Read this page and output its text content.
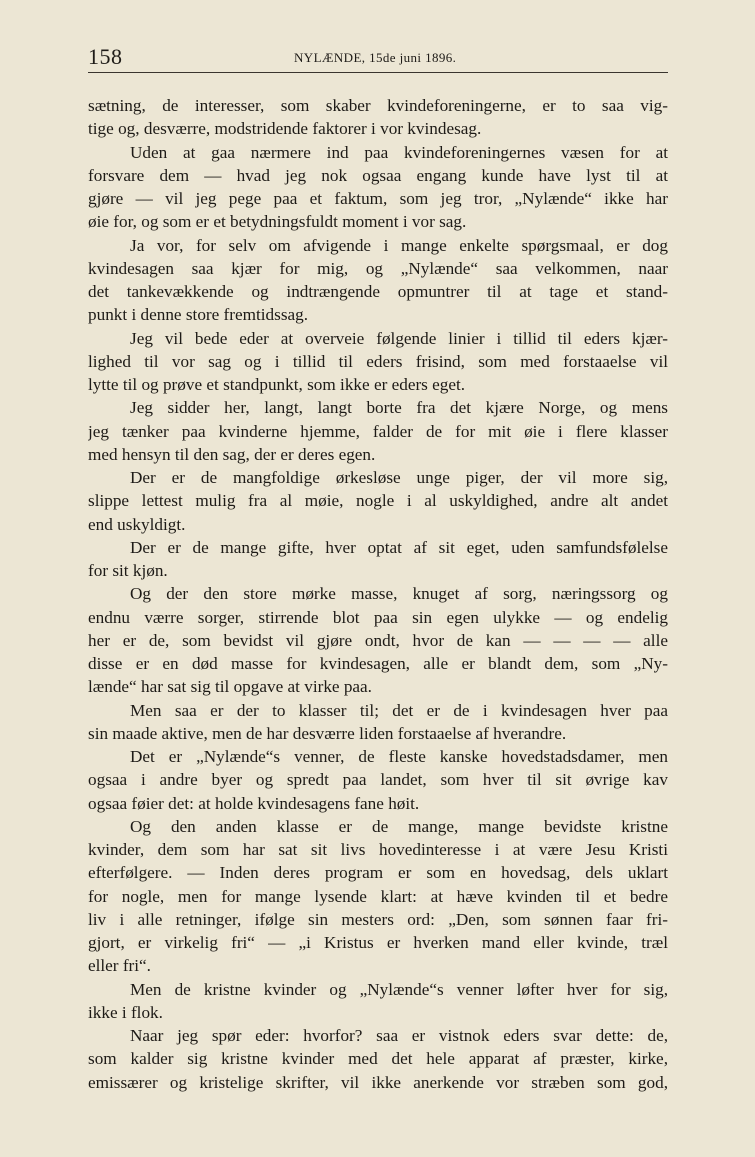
158	NYLÆNDE, 15de juni 1896.
sætning, de interesser, som skaber kvindeforeningerne, er to saa vig-
tige og, desværre, modstridende faktorer i vor kvindesag.
Uden at gaa nærmere ind paa kvindeforeningernes væsen for at
forsvare dem — hvad jeg nok ogsaa engang kunde have lyst til at
gjøre — vil jeg pege paa et faktum, som jeg tror, „Nylænde“ ikke har
øie for, og som er et betydningsfuldt moment i vor sag.
Ja vor, for selv om afvigende i mange enkelte spørgsmaal, er dog
kvindesagen saa kjær for mig, og „Nylænde“ saa velkommen, naar
det tankevækkende og indtrængende opmuntrer til at tage et stand-
punkt i denne store fremtidssag.
Jeg vil bede eder at overveie følgende linier i tillid til eders kjær-
lighed til vor sag og i tillid til eders frisind, som med forstaaelse vil
lytte til og prøve et standpunkt, som ikke er eders eget.
Jeg sidder her, langt, langt borte fra det kjære Norge, og mens
jeg tænker paa kvinderne hjemme, falder de for mit øie i flere klasser
med hensyn til den sag, der er deres egen.
Der er de mangfoldige ørkesløse unge piger, der vil more sig,
slippe lettest mulig fra al møie, nogle i al uskyldighed, andre alt andet
end uskyldigt.
Der er de mange gifte, hver optat af sit eget, uden samfundsfølelse
for sit kjøn.
Og der den store mørke masse, knuget af sorg, næringssorg og
endnu værre sorger, stirrende blot paa sin egen ulykke — og endelig
her er de, som bevidst vil gjøre ondt, hvor de kan — — — — alle
disse er en død masse for kvindesagen, alle er blandt dem, som „Ny-
lænde“ har sat sig til opgave at virke paa.
Men saa er der to klasser til; det er de i kvindesagen hver paa
sin maade aktive, men de har desværre liden forstaaelse af hverandre.
Det er „Nylænde“s venner, de fleste kanske hovedstadsdamer, men
ogsaa i andre byer og spredt paa landet, som hver til sit øvrige kav
ogsaa føier det: at holde kvindesagens fane høit.
Og den anden klasse er de mange, mange bevidste kristne
kvinder, dem som har sat sit livs hovedinteresse i at være Jesu Kristi
efterfølgere. — Inden deres program er som en hovedsag, dels uklart
for nogle, men for mange lysende klart: at hæve kvinden til et bedre
liv i alle retninger, ifølge sin mesters ord: „Den, som sønnen faar fri-
gjort, er virkelig fri“ — „i Kristus er hverken mand eller kvinde, træl
eller fri“.
Men de kristne kvinder og „Nylænde“s venner løfter hver for sig,
ikke i flok.
Naar jeg spør eder: hvorfor? saa er vistnok eders svar dette: de,
som kalder sig kristne kvinder med det hele apparat af præster, kirke,
emissærer og kristelige skrifter, vil ikke anerkende vor stræben som god,
